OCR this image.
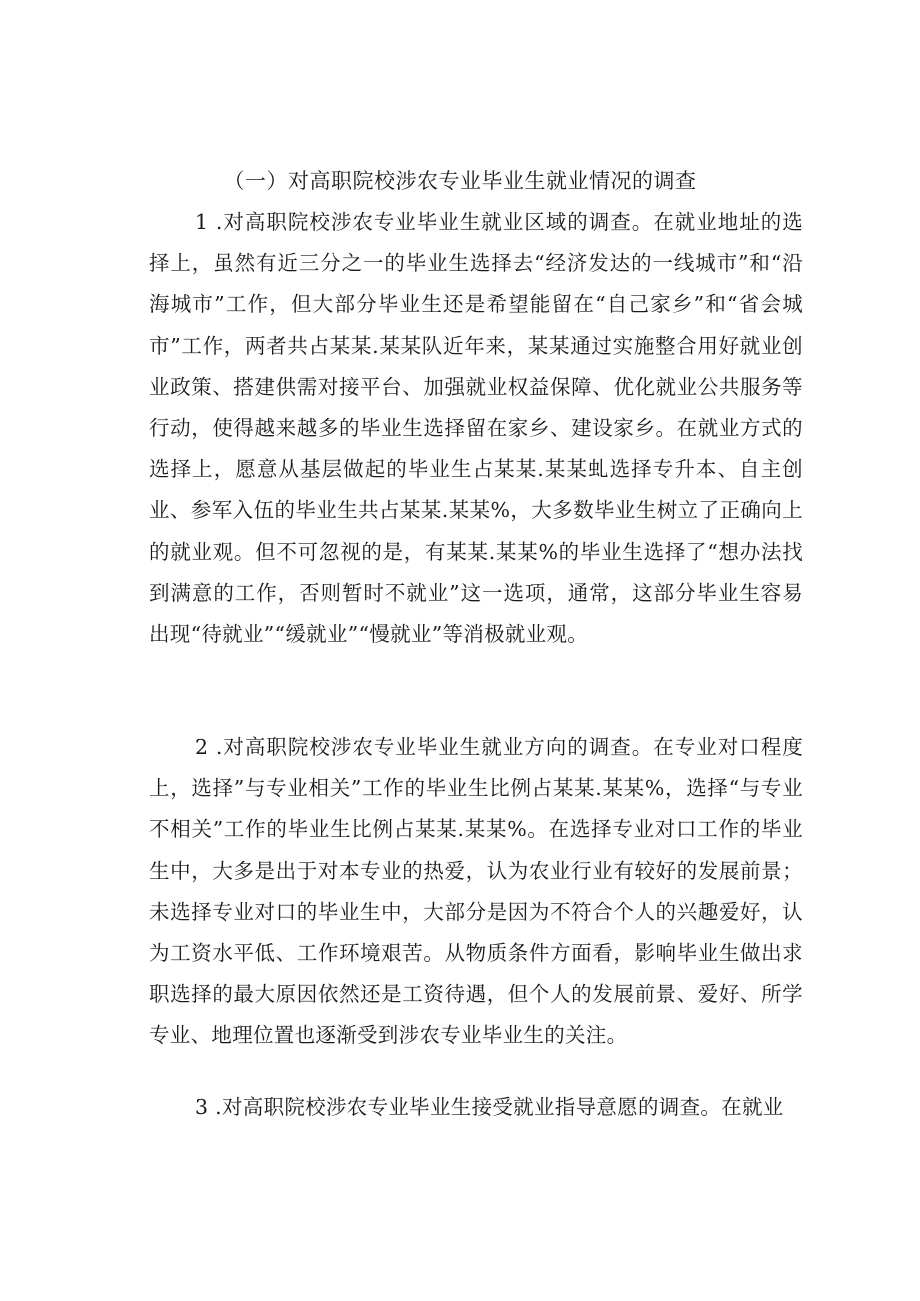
（一）对高职院校涉农专业毕业生就业情况的调查
1 .对高职院校涉农专业毕业生就业区域的调查。在就业地址的选择上，虽然有近三分之一的毕业生选择去“经济发达的一线城市”和“沿海城市”工作，但大部分毕业生还是希望能留在“自己家乡”和“省会城市”工作，两者共占某某.某某队近年来，某某通过实施整合用好就业创业政策、搭建供需对接平台、加强就业权益保障、优化就业公共服务等行动，使得越来越多的毕业生选择留在家乡、建设家乡。在就业方式的选择上，愿意从基层做起的毕业生占某某.某某虬选择专升本、自主创业、参军入伍的毕业生共占某某.某某%，大多数毕业生树立了正确向上的就业观。但不可忽视的是，有某某.某某%的毕业生选择了“想办法找到满意的工作，否则暂时不就业”这一选项，通常，这部分毕业生容易出现“待就业”“缓就业”“慢就业”等消极就业观。
2 .对高职院校涉农专业毕业生就业方向的调查。在专业对口程度上，选择”与专业相关”工作的毕业生比例占某某.某某%，选择“与专业不相关”工作的毕业生比例占某某.某某%。在选择专业对口工作的毕业生中，大多是出于对本专业的热爱，认为农业行业有较好的发展前景；未选择专业对口的毕业生中，大部分是因为不符合个人的兴趣爱好，认为工资水平低、工作环境艰苦。从物质条件方面看，影响毕业生做出求职选择的最大原因依然还是工资待遇，但个人的发展前景、爱好、所学专业、地理位置也逐渐受到涉农专业毕业生的关注。
3 .对高职院校涉农专业毕业生接受就业指导意愿的调查。在就业
